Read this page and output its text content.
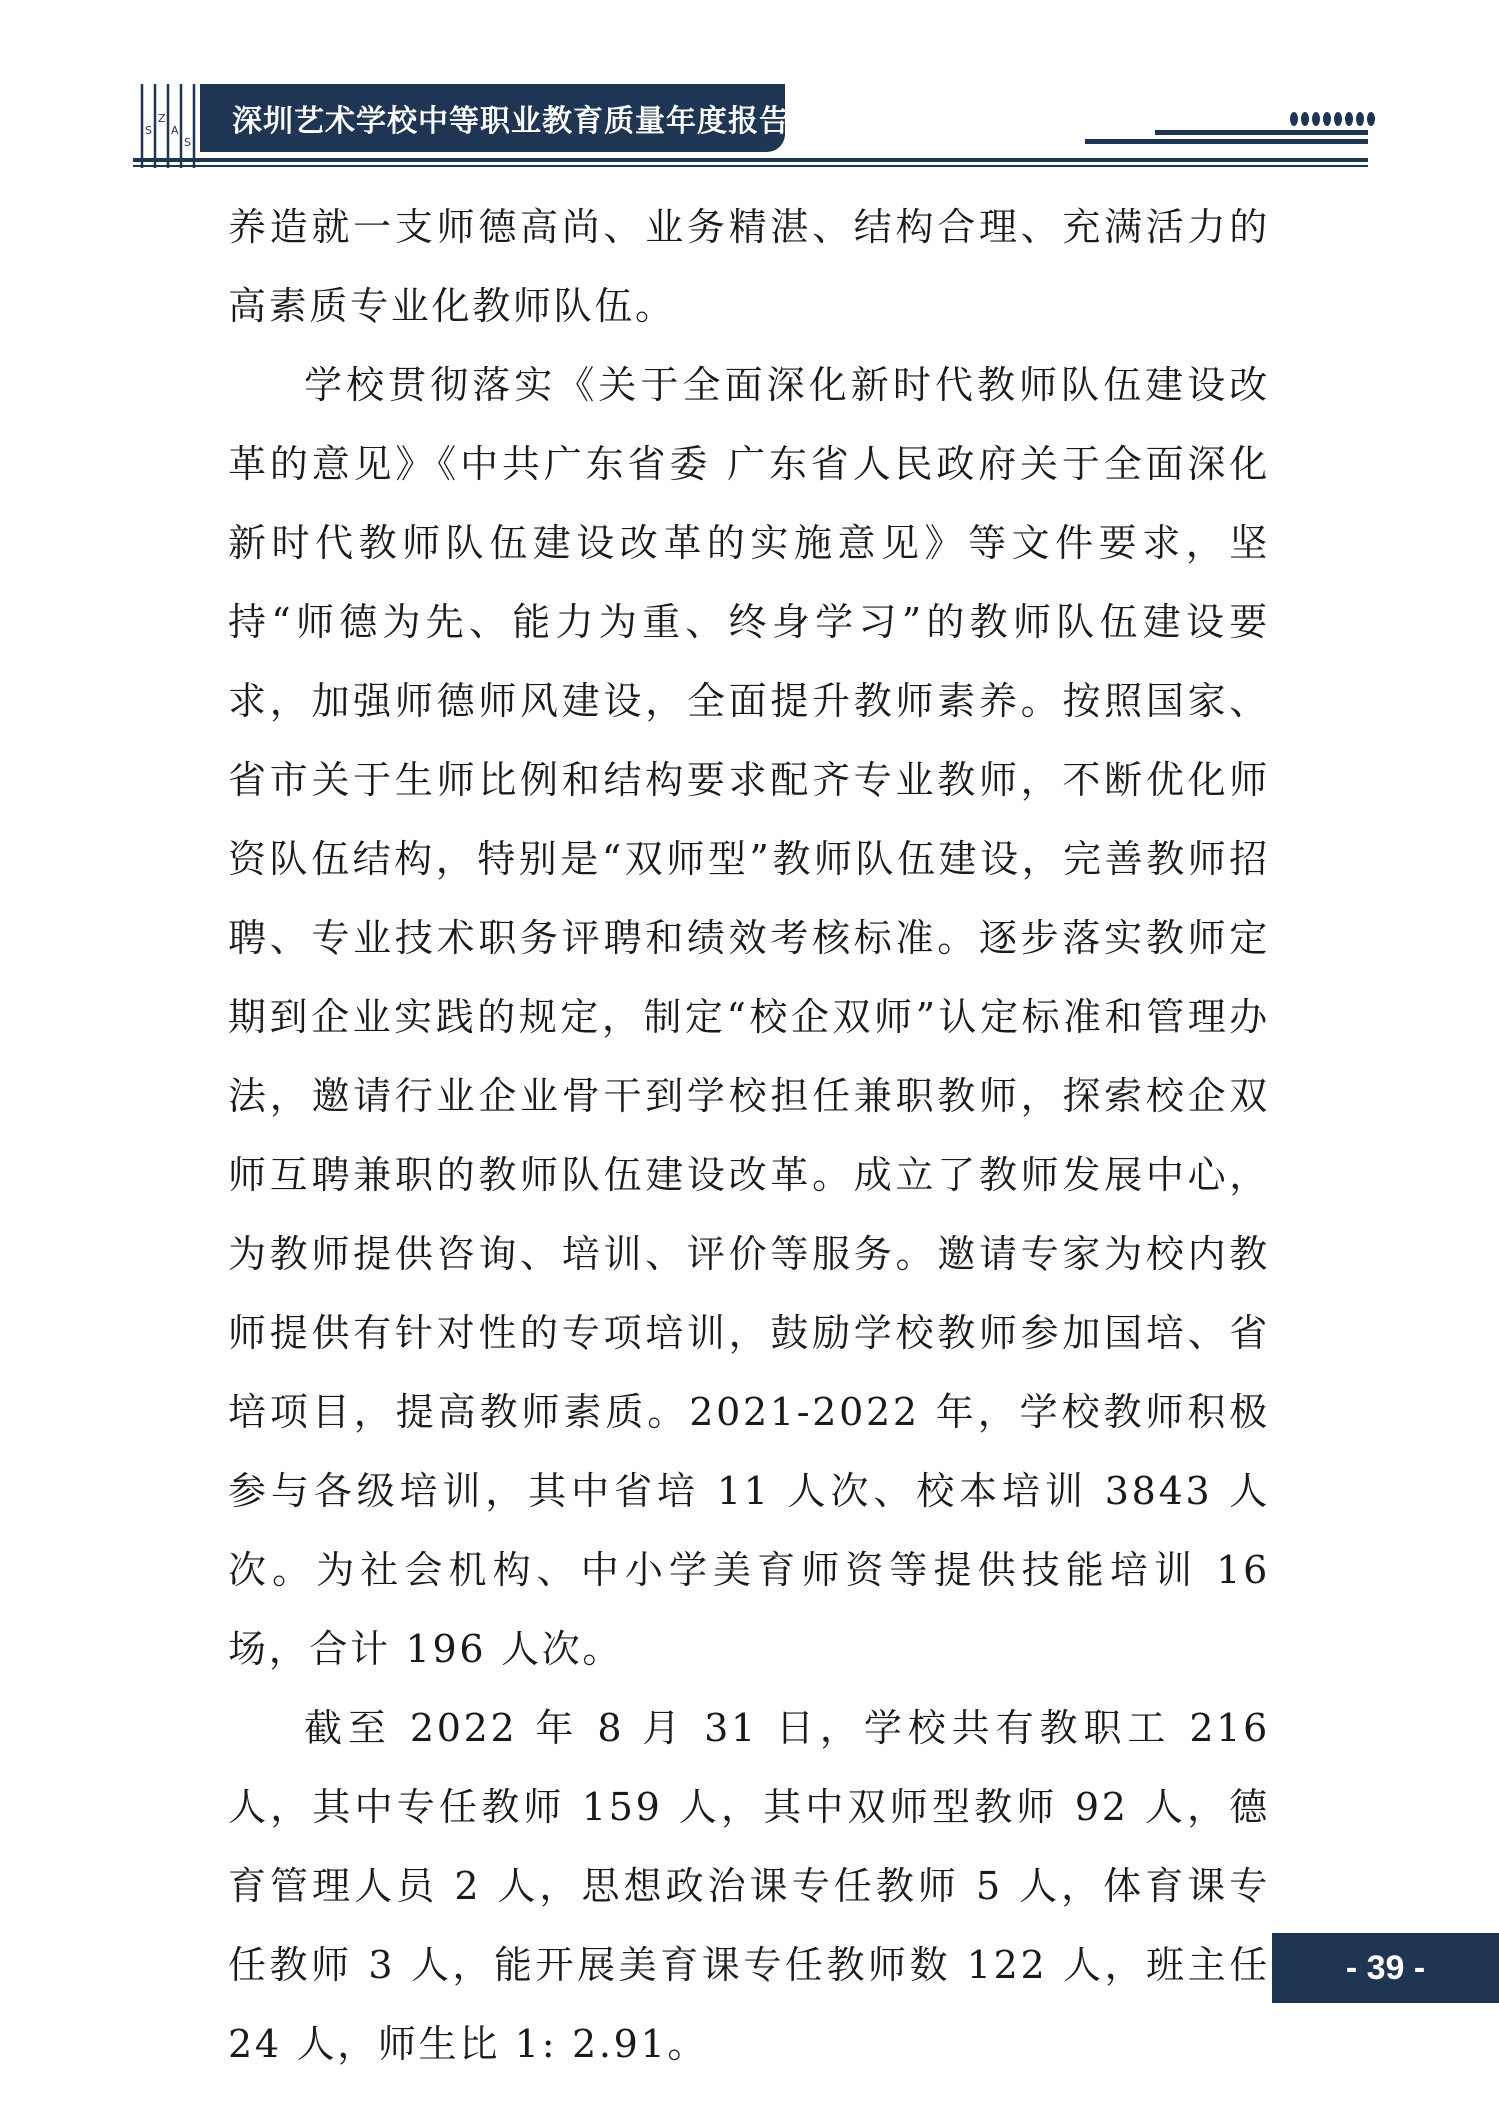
S
Z
A
S
深圳艺术学校中等职业教育质量年度报告(2023)

养造就一支师德高尚、业务精湛、结构合理、充满活力的高素质专业化教师队伍。

学校贯彻落实《关于全面深化新时代教师队伍建设改革的意见》《中共广东省委 广东省人民政府关于全面深化新时代教师队伍建设改革的实施意见》等文件要求，坚持“师德为先、能力为重、终身学习”的教师队伍建设要求，加强师德师风建设，全面提升教师素养。按照国家、省市关于生师比例和结构要求配齐专业教师，不断优化师资队伍结构，特别是“双师型”教师队伍建设，完善教师招聘、专业技术职务评聘和绩效考核标准。逐步落实教师定期到企业实践的规定，制定“校企双师”认定标准和管理办法，邀请行业企业骨干到学校担任兼职教师，探索校企双师互聘兼职的教师队伍建设改革。成立了教师发展中心，为教师提供咨询、培训、评价等服务。邀请专家为校内教师提供有针对性的专项培训，鼓励学校教师参加国培、省培项目，提高教师素质。2021-2022 年，学校教师积极参与各级培训，其中省培 11 人次、校本培训 3843 人次。为社会机构、中小学美育师资等提供技能培训 16 场，合计 196 人次。

截至 2022 年 8 月 31 日，学校共有教职工 216 人，其中专任教师 159 人，其中双师型教师 92 人，德育管理人员 2 人，思想政治课专任教师 5 人，体育课专任教师 3 人，能开展美育课专任教师数 122 人，班主任 24 人，师生比 1: 2.91。

- 39 -
